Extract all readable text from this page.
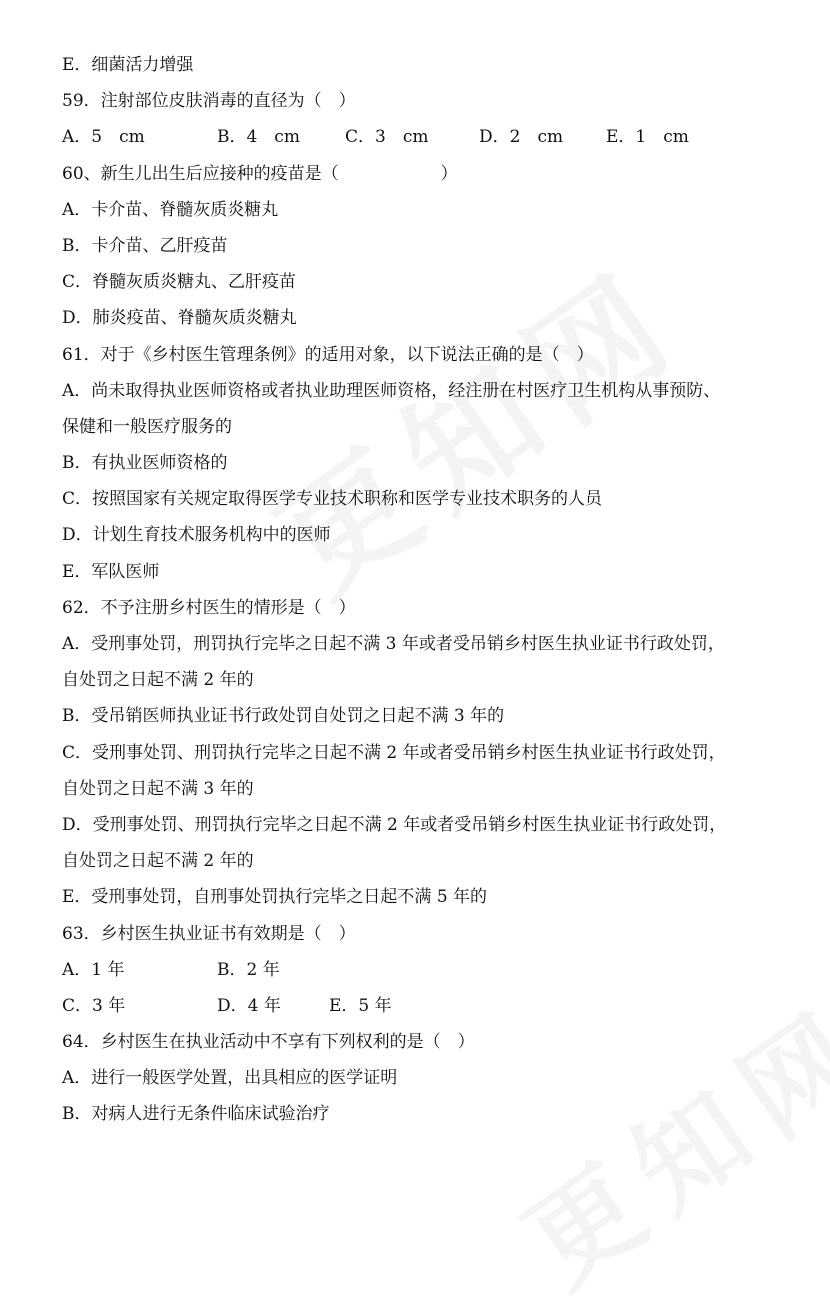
E．细菌活力增强
59．注射部位皮肤消毒的直径为（　）
A．5　cm	B．4　cm	C．3　cm	D．2　cm	E．1　cm
60、新生儿出生后应接种的疫苗是（　　　　　　）
A．卡介苗、脊髓灰质炎糖丸
B．卡介苗、乙肝疫苗
C．脊髓灰质炎糖丸、乙肝疫苗
D．肺炎疫苗、脊髓灰质炎糖丸
61．对于《乡村医生管理条例》的适用对象，以下说法正确的是（　）
A．尚未取得执业医师资格或者执业助理医师资格，经注册在村医疗卫生机构从事预防、
保健和一般医疗服务的
B．有执业医师资格的
C．按照国家有关规定取得医学专业技术职称和医学专业技术职务的人员
D．计划生育技术服务机构中的医师
E．军队医师
62．不予注册乡村医生的情形是（　）
A．受刑事处罚，刑罚执行完毕之日起不满 3 年或者受吊销乡村医生执业证书行政处罚，
自处罚之日起不满 2 年的
B．受吊销医师执业证书行政处罚自处罚之日起不满 3 年的
C．受刑事处罚、刑罚执行完毕之日起不满 2 年或者受吊销乡村医生执业证书行政处罚，
自处罚之日起不满 3 年的
D．受刑事处罚、刑罚执行完毕之日起不满 2 年或者受吊销乡村医生执业证书行政处罚，
自处罚之日起不满 2 年的
E．受刑事处罚，自刑事处罚执行完毕之日起不满 5 年的
63．乡村医生执业证书有效期是（　）
A．1 年	B．2 年
C．3 年	D．4 年	E．5 年
64．乡村医生在执业活动中不享有下列权利的是（　）
A．进行一般医学处置，出具相应的医学证明
B．对病人进行无条件临床试验治疗
